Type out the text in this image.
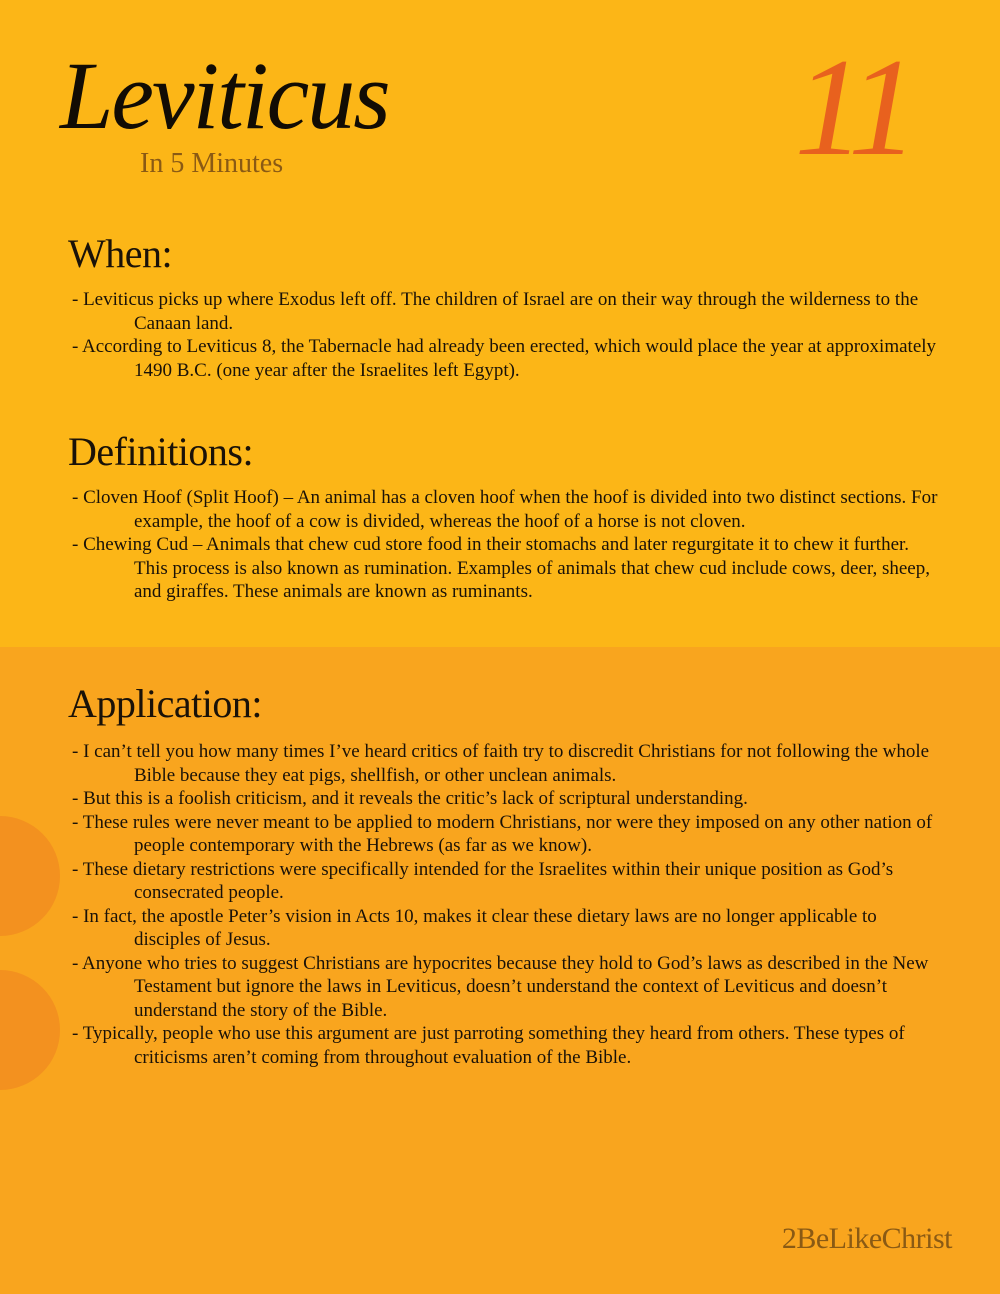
Leviticus
In 5 Minutes	11
When:
- Leviticus picks up where Exodus left off. The children of Israel are on their way through the wilderness to the Canaan land.
- According to Leviticus 8, the Tabernacle had already been erected, which would place the year at approximately 1490 B.C. (one year after the Israelites left Egypt).
Definitions:
- Cloven Hoof (Split Hoof) – An animal has a cloven hoof when the hoof is divided into two distinct sections. For example, the hoof of a cow is divided, whereas the hoof of a horse is not cloven.
- Chewing Cud – Animals that chew cud store food in their stomachs and later regurgitate it to chew it further. This process is also known as rumination. Examples of animals that chew cud include cows, deer, sheep, and giraffes. These animals are known as ruminants.
Application:
- I can’t tell you how many times I’ve heard critics of faith try to discredit Christians for not following the whole Bible because they eat pigs, shellfish, or other unclean animals.
- But this is a foolish criticism, and it reveals the critic’s lack of scriptural understanding.
- These rules were never meant to be applied to modern Christians, nor were they imposed on any other nation of people contemporary with the Hebrews (as far as we know).
- These dietary restrictions were specifically intended for the Israelites within their unique position as God’s consecrated people.
- In fact, the apostle Peter’s vision in Acts 10, makes it clear these dietary laws are no longer applicable to disciples of Jesus.
- Anyone who tries to suggest Christians are hypocrites because they hold to God’s laws as described in the New Testament but ignore the laws in Leviticus, doesn’t understand the context of Leviticus and doesn’t understand the story of the Bible.
- Typically, people who use this argument are just parroting something they heard from others. These types of criticisms aren’t coming from throughout evaluation of the Bible.
2BeLikeChrist
